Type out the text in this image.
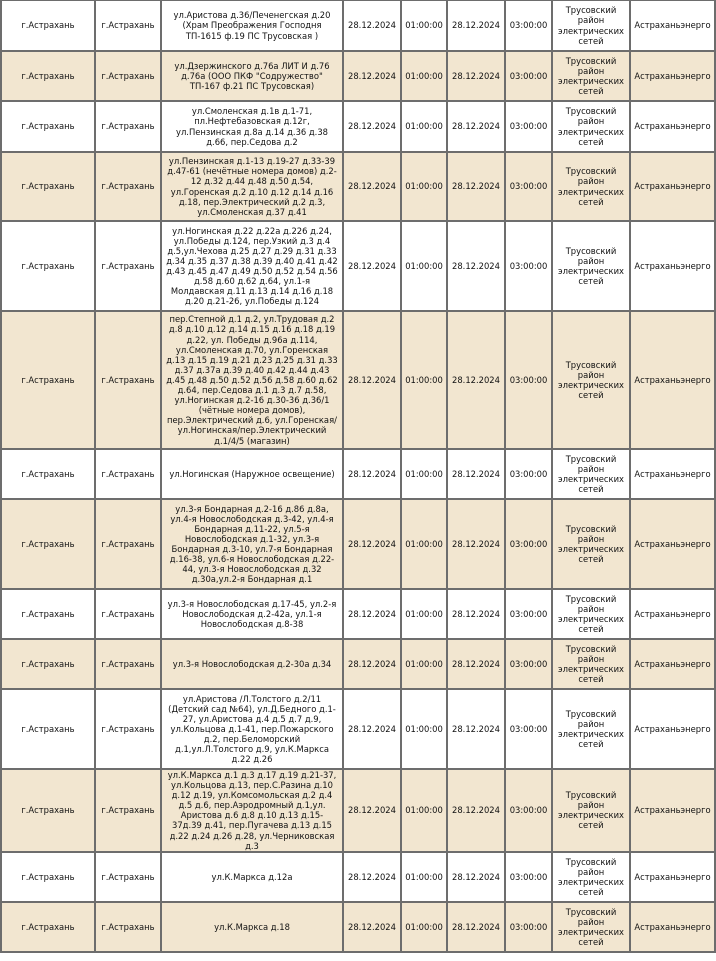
г.Астрахань	г.Астрахань	ул.Аристова д.36/Печенегская д.20 (Храм Преображения Господня ТП-1615 ф.19 ПС Трусовская )	28.12.2024	01:00:00	28.12.2024	03:00:00	Трусовский район электрических сетей	Астраханьэнерго
г.Астрахань	г.Астрахань	ул.Дзержинского д.76а ЛИТ И д.76 д.76а (ООО ПКФ "Содружество" ТП-167 ф.21 ПС Трусовская)	28.12.2024	01:00:00	28.12.2024	03:00:00	Трусовский район электрических сетей	Астраханьэнерго
г.Астрахань	г.Астрахань	ул.Смоленская д.1в д.1-71, пл.Нефтебазовская д.12г, ул.Пензинская д.8а д.14 д.36 д.38 д.66, пер.Седова д.2	28.12.2024	01:00:00	28.12.2024	03:00:00	Трусовский район электрических сетей	Астраханьэнерго
г.Астрахань	г.Астрахань	ул.Пензинская д.1-13 д.19-27 д.33-39 д.47-61 (нечётные номера домов) д.2-12 д.32 д.44 д.48 д.50 д.54, ул.Горенская д.2 д.10 д.12 д.14 д.16 д.18, пер.Электрический д.2 д.3, ул.Смоленская д.37 д.41	28.12.2024	01:00:00	28.12.2024	03:00:00	Трусовский район электрических сетей	Астраханьэнерго
г.Астрахань	г.Астрахань	ул.Ногинская д.22 д.22а д.226 д.24, ул.Победы д.124, пер.Узкий д.3 д.4 д.5,ул.Чехова д.25 д.27 д.29 д.31 д.33 д.34 д.35 д.37 д.38 д.39 д.40 д.41 д.42 д.43 д.45 д.47 д.49 д.50 д.52 д.54 д.56 д.58 д.60 д.62 д.64, ул.1-я Молдавская д.11 д.13 д.14 д.16 д.18 д.20 д.21-26, ул.Победы д.124	28.12.2024	01:00:00	28.12.2024	03:00:00	Трусовский район электрических сетей	Астраханьэнерго
г.Астрахань	г.Астрахань	пер.Степной д.1 д.2, ул.Трудовая д.2 д.8 д.10 д.12 д.14 д.15 д.16 д.18 д.19 д.22, ул. Победы д.96а д.114, ул.Смоленская д.70, ул.Горенская д.13 д.15 д.19 д.21 д.23 д.25 д.31 д.33 д.37 д.37а д.39 д.40 д.42 д.44 д.43 д.45 д.48 д.50 д.52 д.56 д.58 д.60 д.62 д.64, пер.Седова д.1 д.3 д.7 д.58, ул.Ногинская д.2-16 д.30-36 д.36/1 (чётные номера домов), пер.Электрический д.6, ул.Горенская/ ул.Ногинская/пер.Электрический д.1/4/5 (магазин)	28.12.2024	01:00:00	28.12.2024	03:00:00	Трусовский район электрических сетей	Астраханьэнерго
г.Астрахань	г.Астрахань	ул.Ногинская (Наружное освещение)	28.12.2024	01:00:00	28.12.2024	03:00:00	Трусовский район электрических сетей	Астраханьэнерго
г.Астрахань	г.Астрахань	ул.3-я Бондарная д.2-16 д.86 д.8а, ул.4-я Новослободская д.3-42, ул.4-я Бондарная д.11-22, ул.5-я Новослободская д.1-32, ул.3-я Бондарная д.3-10, ул.7-я Бондарная д.16-38, ул.6-я Новослободская д.22-44, ул.3-я Новослободская д.32 д.30а,ул.2-я Бондарная д.1	28.12.2024	01:00:00	28.12.2024	03:00:00	Трусовский район электрических сетей	Астраханьэнерго
г.Астрахань	г.Астрахань	ул.3-я Новослободская д.17-45, ул.2-я Новослободская д.2-42а, ул.1-я Новослободская д.8-38	28.12.2024	01:00:00	28.12.2024	03:00:00	Трусовский район электрических сетей	Астраханьэнерго
г.Астрахань	г.Астрахань	ул.3-я Новослободская д.2-30а д.34	28.12.2024	01:00:00	28.12.2024	03:00:00	Трусовский район электрических сетей	Астраханьэнерго
г.Астрахань	г.Астрахань	ул.Аристова /Л.Толстого д.2/11 (Детский сад №64), ул.Д.Бедного д.1-27, ул.Аристова д.4 д.5 д.7 д.9, ул.Кольцова д.1-41, пер.Пожарского д.2, пер.Беломорский д.1,ул.Л.Толстого д.9, ул.К.Маркса д.22 д.26	28.12.2024	01:00:00	28.12.2024	03:00:00	Трусовский район электрических сетей	Астраханьэнерго
г.Астрахань	г.Астрахань	ул.К.Маркса д.1 д.3 д.17 д.19 д.21-37, ул.Кольцова д.13, пер.С.Разина д.10 д.12 д.19, ул.Комсомольская д.2 д.4 д.5 д.6, пер.Аэродромный д.1,ул. Аристова д.6 д.8 д.10 д.13 д.15-37д.39 д.41, пер.Пугачева д.13 д.15 д.22 д.24 д.26 д.28, ул.Черниковская д.3	28.12.2024	01:00:00	28.12.2024	03:00:00	Трусовский район электрических сетей	Астраханьэнерго
г.Астрахань	г.Астрахань	ул.К.Маркса д.12а	28.12.2024	01:00:00	28.12.2024	03:00:00	Трусовский район электрических сетей	Астраханьэнерго
г.Астрахань	г.Астрахань	ул.К.Маркса д.18	28.12.2024	01:00:00	28.12.2024	03:00:00	Трусовский район электрических сетей	Астраханьэнерго
